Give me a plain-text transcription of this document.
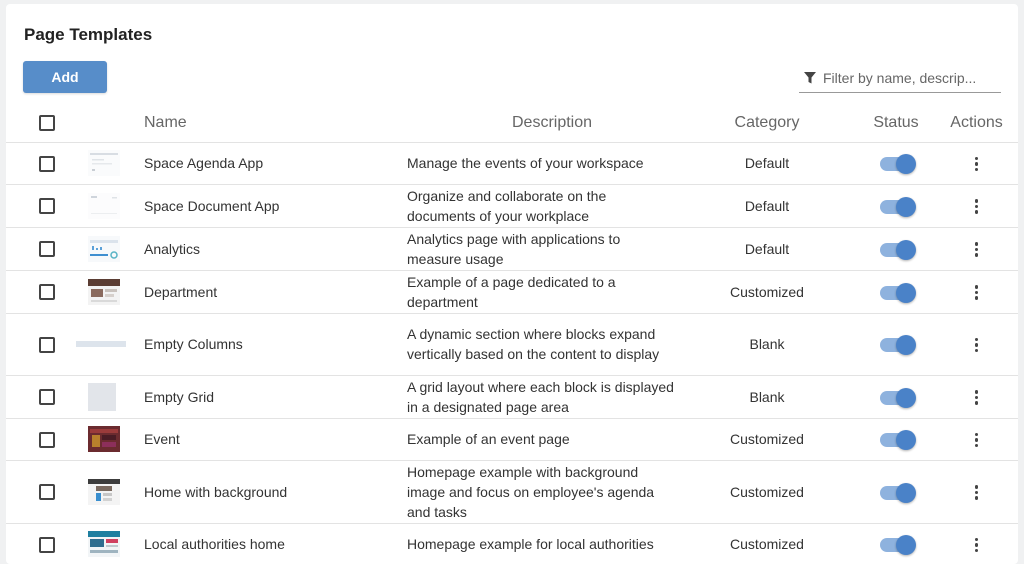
Page Templates
Add
Filter by name, descrip...
		Name	Description	Category	Status	Actions

	Space Agenda App	Manage the events of your workspace	Default		

	Space Document App	Organize and collaborate on the documents of your workplace	Default		

	Analytics	Analytics page with applications to measure usage	Default		

	Department	Example of a page dedicated to a department	Customized		

	Empty Columns	A dynamic section where blocks expand vertically based on the content to display	Blank		

	Empty Grid	A grid layout where each block is displayed in a designated page area	Blank		

	Event	Example of an event page	Customized		

	Home with background	Homepage example with background image and focus on employee's agenda and tasks	Customized		

	Local authorities home	Homepage example for local authorities	Customized		
